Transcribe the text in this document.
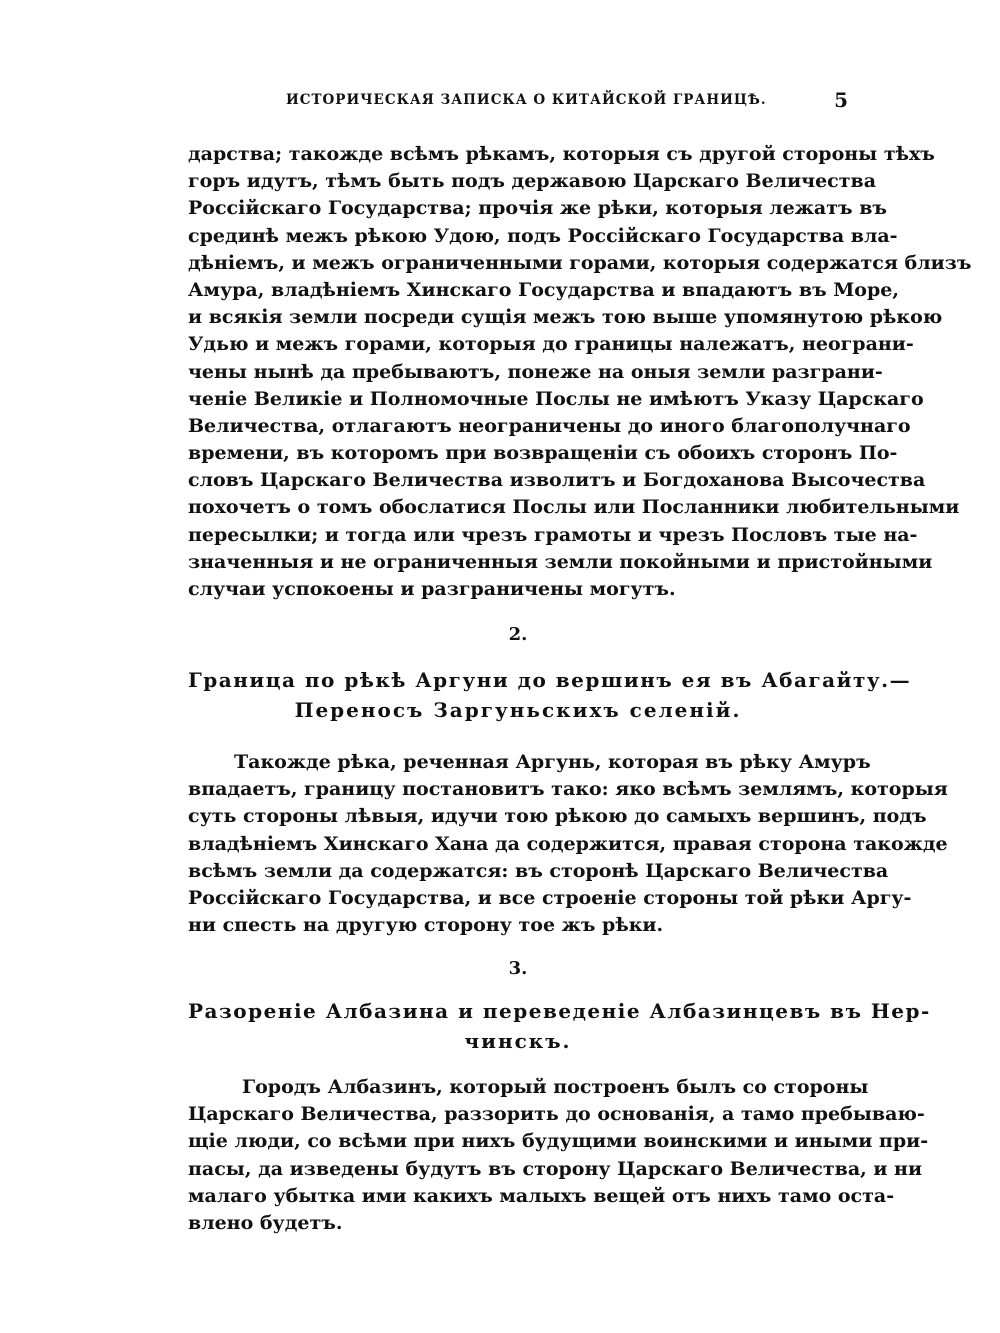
ИСТОРИЧЕСКАЯ ЗАПИСКА О КИТАЙСКОЙ ГРАНИЦѢ.	5
дарства; такожде всѣмъ рѣкамъ, которыя съ другой стороны тѣхъ
горъ идутъ, тѣмъ быть подъ державою Царскаго Величества
Россійскаго Государства; прочія же рѣки, которыя лежатъ въ
срединѣ межъ рѣкою Удою, подъ Россійскаго Государства вла-
дѣніемъ, и межъ ограниченными горами, которыя содержатся близъ
Амура, владѣніемъ Хинскаго Государства и впадаютъ въ Море,
и всякія земли посреди сущія межъ тою выше упомянутою рѣкою
Удью и межъ горами, которыя до границы належатъ, неограни-
чены нынѣ да пребываютъ, понеже на оныя земли разграни-
ченіе Великіе и Полномочные Послы не имѣютъ Указу Царскаго
Величества, отлагаютъ неограничены до иного благополучнаго
времени, въ которомъ при возвращеніи съ обоихъ сторонъ По-
словъ Царскаго Величества изволитъ и Богдоханова Высочества
похочетъ о томъ обослатися Послы или Посланники любительными
пересылки; и тогда или чрезъ грамоты и чрезъ Пословъ тые на-
значенныя и не ограниченныя земли покойными и пристойными
случаи успокоены и разграничены могутъ.
2.
Граница по рѣкѣ Аргуни до вершинъ ея въ Абагайту.—
Переносъ Заргуньскихъ селеній.
Такожде рѣка, реченная Аргунь, которая въ рѣку Амуръ
впадаетъ, границу постановитъ тако: яко всѣмъ землямъ, которыя
суть стороны лѣвыя, идучи тою рѣкою до самыхъ вершинъ, подъ
владѣніемъ Хинскаго Хана да содержится, правая сторона такожде
всѣмъ земли да содержатся: въ сторонѣ Царскаго Величества
Россійскаго Государства, и все строеніе стороны той рѣки Аргу-
ни спесть на другую сторону тое жъ рѣки.
3.
Разореніе Албазина и переведеніе Албазинцевъ въ Нер-
чинскъ.
Городъ Албазинъ, который построенъ былъ со стороны
Царскаго Величества, раззорить до основанія, а тамо пребываю-
щіе люди, со всѣми при нихъ будущими воинскими и иными при-
пасы, да изведены будутъ въ сторону Царскаго Величества, и ни
малаго убытка ими какихъ малыхъ вещей отъ нихъ тамо оста-
влено будетъ.
